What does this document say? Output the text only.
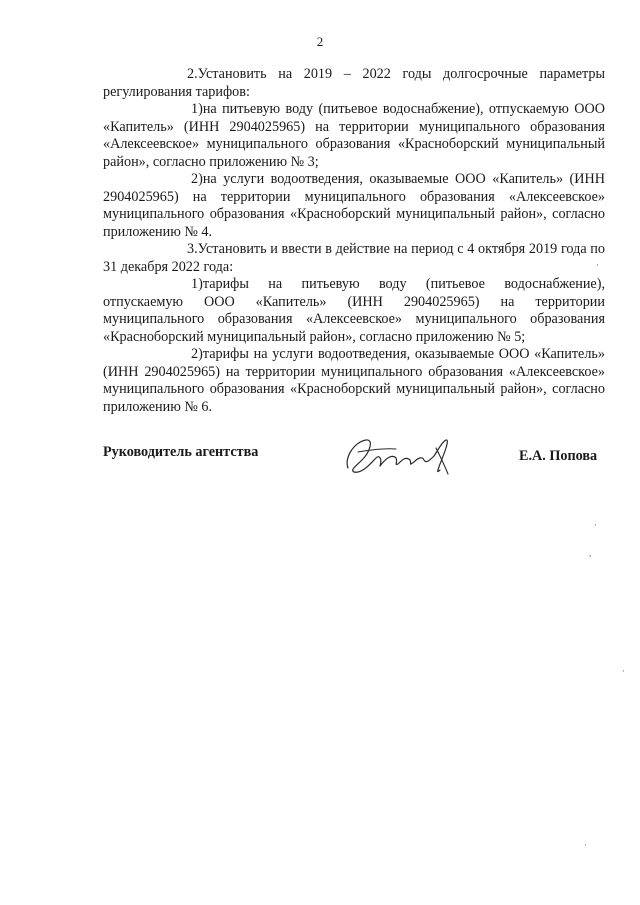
2

2.Установить на 2019 – 2022 годы долгосрочные параметры регулирования тарифов:

1)на питьевую воду (питьевое водоснабжение), отпускаемую ООО «Капитель» (ИНН 2904025965) на территории муниципального образования «Алексеевское» муниципального образования «Красноборский муниципальный район», согласно приложению № 3;

2)на услуги водоотведения, оказываемые ООО «Капитель» (ИНН 2904025965) на территории муниципального образования «Алексеевское» муниципального образования «Красноборский муниципальный район», согласно приложению № 4.

3.Установить и ввести в действие на период с 4 октября 2019 года по 31 декабря 2022 года:

1)тарифы на питьевую воду (питьевое водоснабжение), отпускаемую ООО «Капитель» (ИНН 2904025965) на территории муниципального образования «Алексеевское» муниципального образования «Красноборский муниципальный район», согласно приложению № 5;

2)тарифы на услуги водоотведения, оказываемые ООО «Капитель» (ИНН 2904025965) на территории муниципального образования «Алексеевское» муниципального образования «Красноборский муниципальный район», согласно приложению № 6.

Руководитель агентства	Е.А. Попова
·
,
·
·
·
